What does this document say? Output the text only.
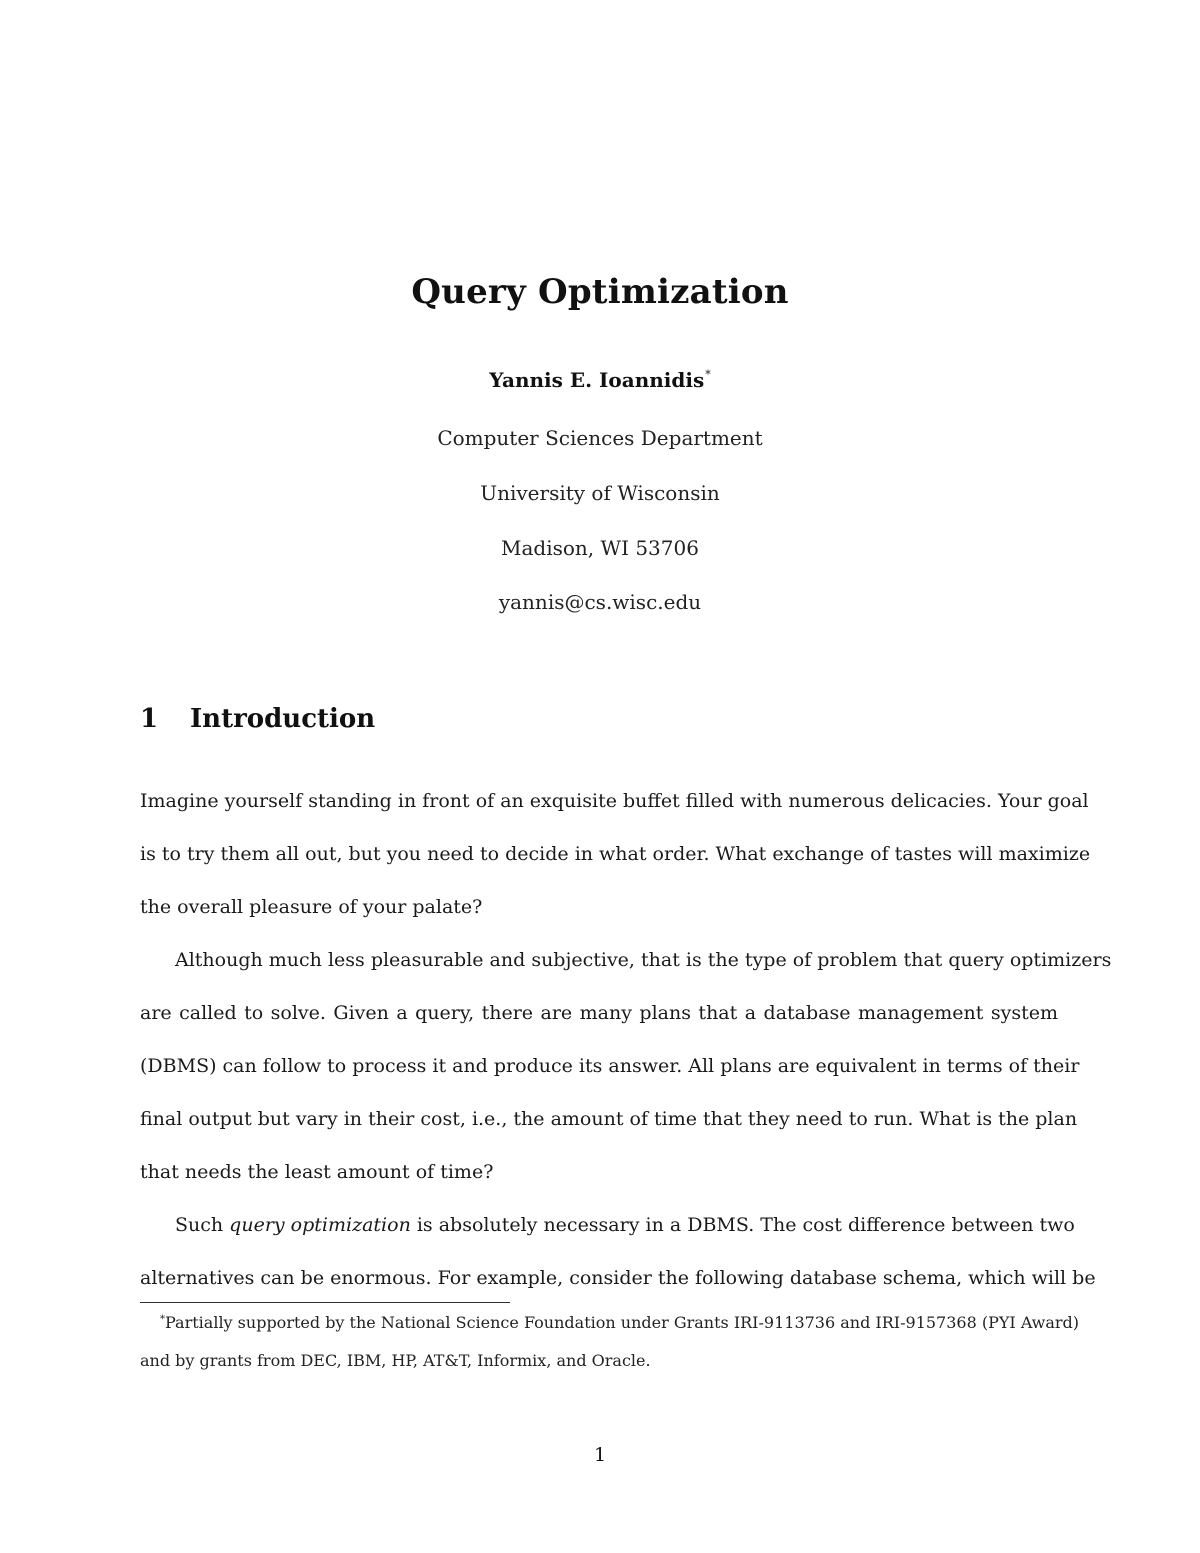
Query Optimization
Yannis E. Ioannidis*
Computer Sciences Department
University of Wisconsin
Madison, WI 53706
yannis@cs.wisc.edu
1 Introduction
Imagine yourself standing in front of an exquisite buffet filled with numerous delicacies. Your goal
is to try them all out, but you need to decide in what order. What exchange of tastes will maximize
the overall pleasure of your palate?
Although much less pleasurable and subjective, that is the type of problem that query optimizers
are called to solve. Given a query, there are many plans that a database management system
(DBMS) can follow to process it and produce its answer. All plans are equivalent in terms of their
final output but vary in their cost, i.e., the amount of time that they need to run. What is the plan
that needs the least amount of time?
Such query optimization is absolutely necessary in a DBMS. The cost difference between two
alternatives can be enormous. For example, consider the following database schema, which will be
*Partially supported by the National Science Foundation under Grants IRI-9113736 and IRI-9157368 (PYI Award)
and by grants from DEC, IBM, HP, AT&T, Informix, and Oracle.
1
